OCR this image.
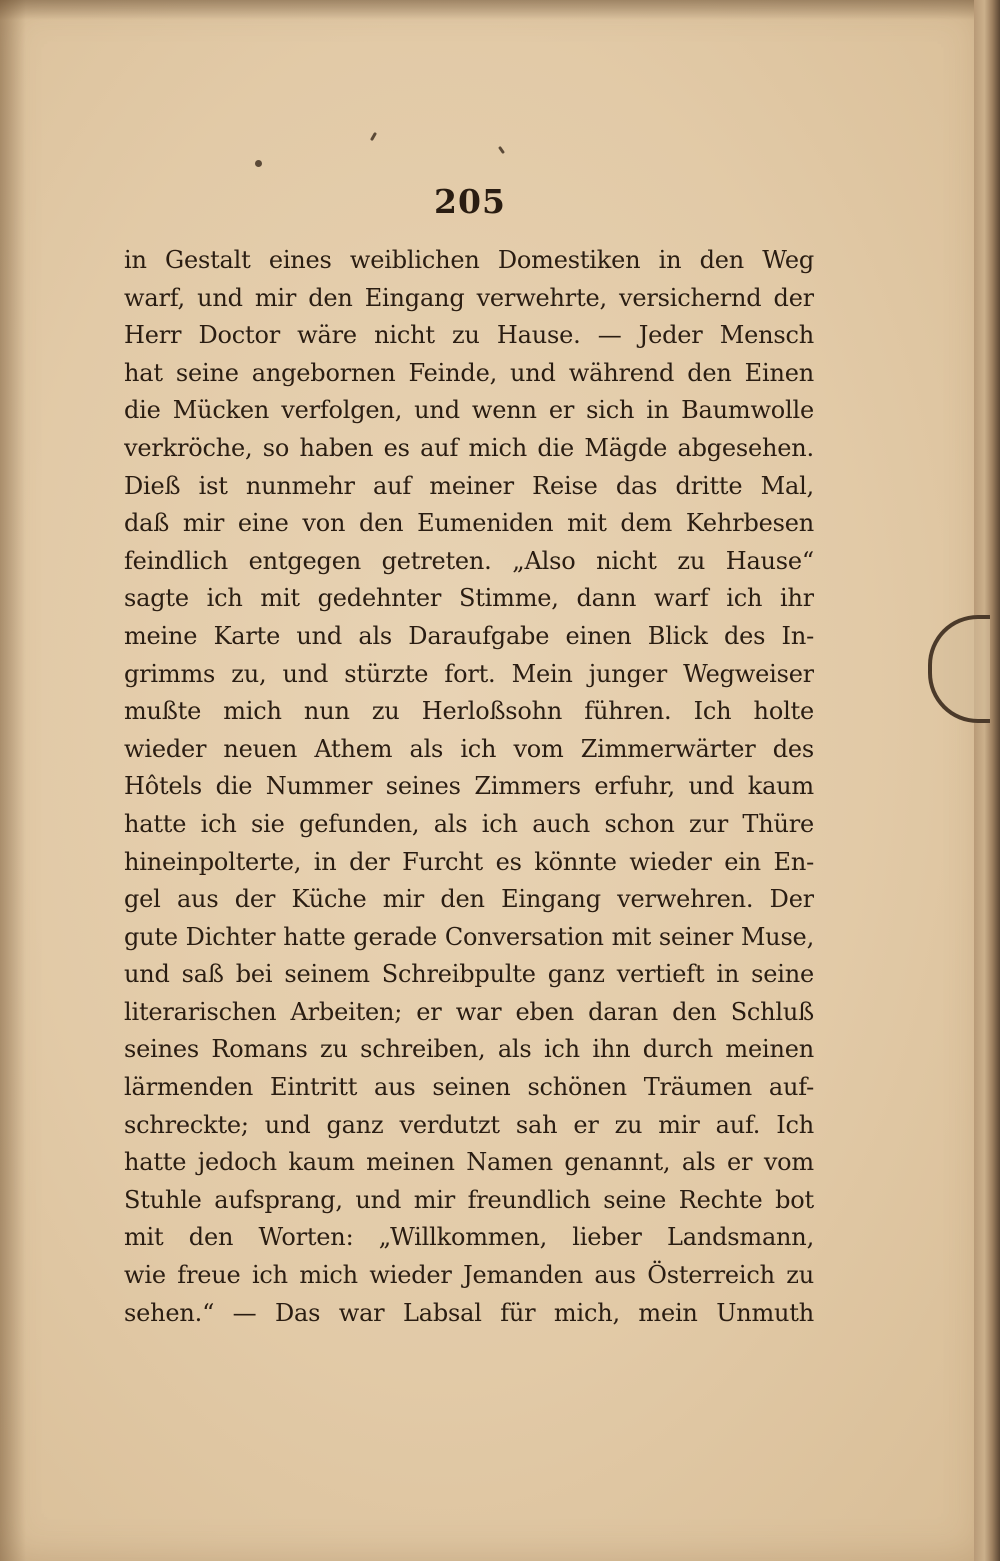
205
in Gestalt eines weiblichen Domestiken in den Weg
warf, und mir den Eingang verwehrte, versichernd der
Herr Doctor wäre nicht zu Hause. — Jeder Mensch
hat seine angebornen Feinde, und während den Einen
die Mücken verfolgen, und wenn er sich in Baumwolle
verkröche, so haben es auf mich die Mägde abgesehen.
Dieß ist nunmehr auf meiner Reise das dritte Mal,
daß mir eine von den Eumeniden mit dem Kehrbesen
feindlich entgegen getreten. „Also nicht zu Hause“
sagte ich mit gedehnter Stimme, dann warf ich ihr
meine Karte und als Daraufgabe einen Blick des In-
grimms zu, und stürzte fort. Mein junger Wegweiser
mußte mich nun zu Herloßsohn führen. Ich holte
wieder neuen Athem als ich vom Zimmerwärter des
Hôtels die Nummer seines Zimmers erfuhr, und kaum
hatte ich sie gefunden, als ich auch schon zur Thüre
hineinpolterte, in der Furcht es könnte wieder ein En-
gel aus der Küche mir den Eingang verwehren. Der
gute Dichter hatte gerade Conversation mit seiner Muse,
und saß bei seinem Schreibpulte ganz vertieft in seine
literarischen Arbeiten; er war eben daran den Schluß
seines Romans zu schreiben, als ich ihn durch meinen
lärmenden Eintritt aus seinen schönen Träumen auf-
schreckte; und ganz verdutzt sah er zu mir auf. Ich
hatte jedoch kaum meinen Namen genannt, als er vom
Stuhle aufsprang, und mir freundlich seine Rechte bot
mit den Worten: „Willkommen, lieber Landsmann,
wie freue ich mich wieder Jemanden aus Österreich zu
sehen.“ — Das war Labsal für mich, mein Unmuth
